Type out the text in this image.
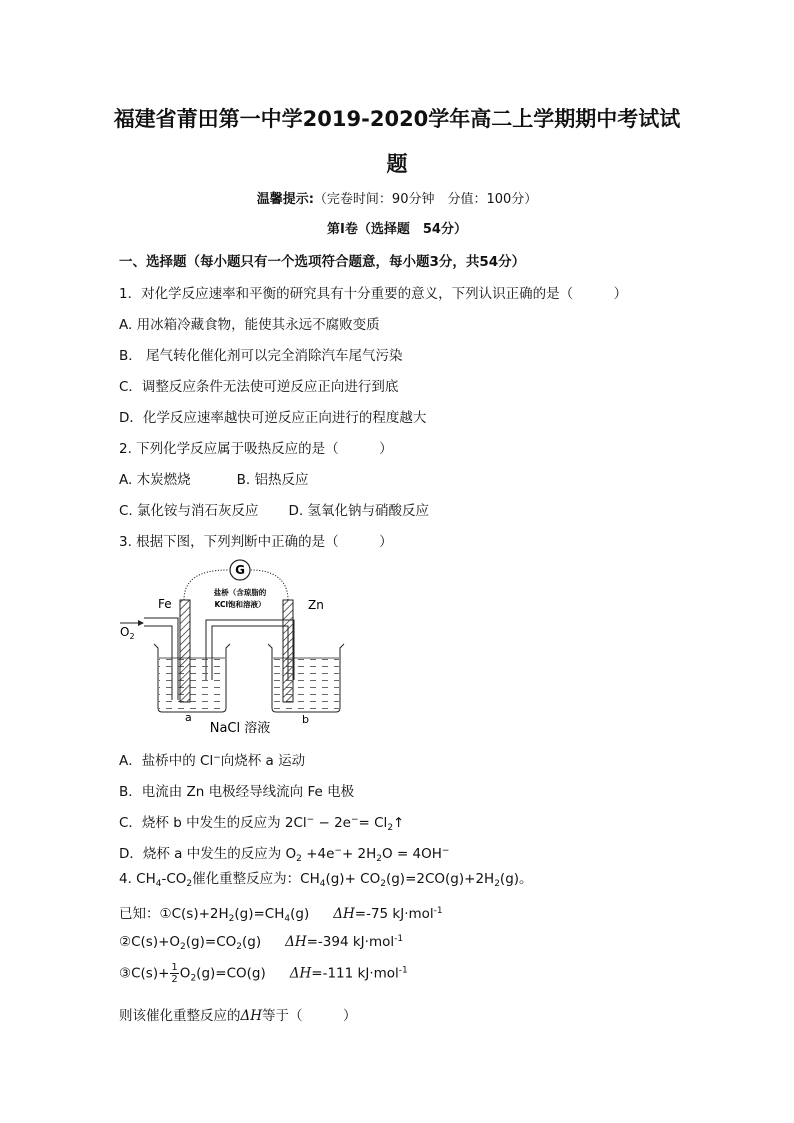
福建省莆田第一中学2019-2020学年高二上学期期中考试试
题
温馨提示:（完卷时间：90分钟　分值：100分）
第Ⅰ卷（选择题　54分）
一、选择题（每小题只有一个选项符合题意，每小题3分，共54分）
1．对化学反应速率和平衡的研究具有十分重要的意义，下列认识正确的是（　　　）
A. 用冰箱冷藏食物，能使其永远不腐败变质
B． 尾气转化催化剂可以完全消除汽车尾气污染
C．调整反应条件无法使可逆反应正向进行到底
D．化学反应速率越快可逆反应正向进行的程度越大
2. 下列化学反应属于吸热反应的是（　　　）
A. 木炭燃烧	B. 铝热反应
C. 氯化铵与消石灰反应 D. 氢氧化钠与硝酸反应
3. 根据下图，下列判断中正确的是（　　　）
G
盐桥（含琼脂的
KCl饱和溶液）
Fe	Zn
$O_2$
a	b
NaCl 溶液
A．盐桥中的 Cl−向烧杯 a 运动
B．电流由 Zn 电极经导线流向 Fe 电极
C．烧杯 b 中发生的反应为 $2Cl^- - 2e^-= Cl_2↑$
D．烧杯 a 中发生的反应为 $O_2 +4e^-+ 2H_2O = 4OH^-$
4. $CH_4-CO_2$催化重整反应为：$CH_4(g)+ CO_2(g)=2CO(g)+2H_2(g)$。
已知：$①C(s)+2H_2(g)=CH_4(g)$ ΔH=-75 kJ·mol$^{-1}$
$②C(s)+O_2(g)=CO_2(g)$ ΔH=-394 kJ·mol$^{-1}$
③C(s)+ $\frac{1}{2} O_2(g)=CO(g)$ ΔH=-111 kJ·mol$^{-1}$
则该催化重整反应的ΔH等于（　　　）
